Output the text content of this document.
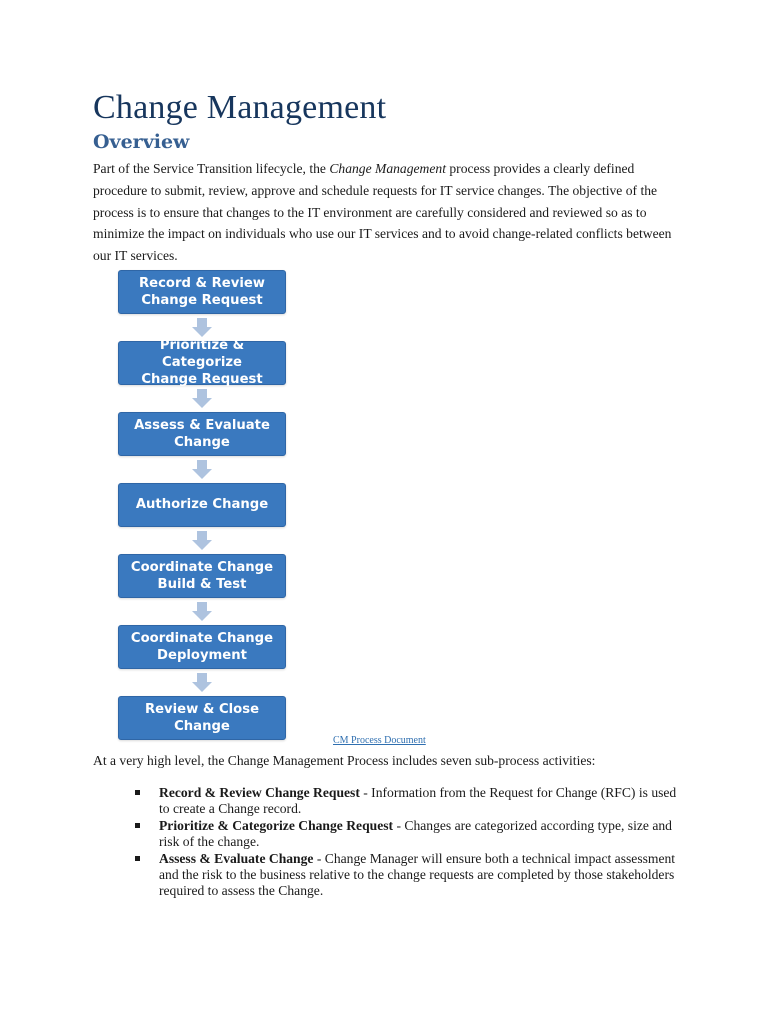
Change Management
Overview

Part of the Service Transition lifecycle, the Change Management process provides a clearly defined procedure to submit, review, approve and schedule requests for IT service changes. The objective of the process is to ensure that changes to the IT environment are carefully considered and reviewed so as to minimize the impact on individuals who use our IT services and to avoid change-related conflicts between our IT services.

Record & Review
Change Request
Prioritize & Categorize
Change Request
Assess & Evaluate
Change
Authorize Change
Coordinate Change
Build & Test
Coordinate Change
Deployment
Review & Close
Change
CM Process Document
At a very high level, the Change Management Process includes seven sub-process activities:
Record & Review Change Request - Information from the Request for Change (RFC) is used to create a Change record.
Prioritize & Categorize Change Request - Changes are categorized according type, size and risk of the change.
Assess & Evaluate Change - Change Manager will ensure both a technical impact assessment and the risk to the business relative to the change requests are completed by those stakeholders required to assess the Change.
